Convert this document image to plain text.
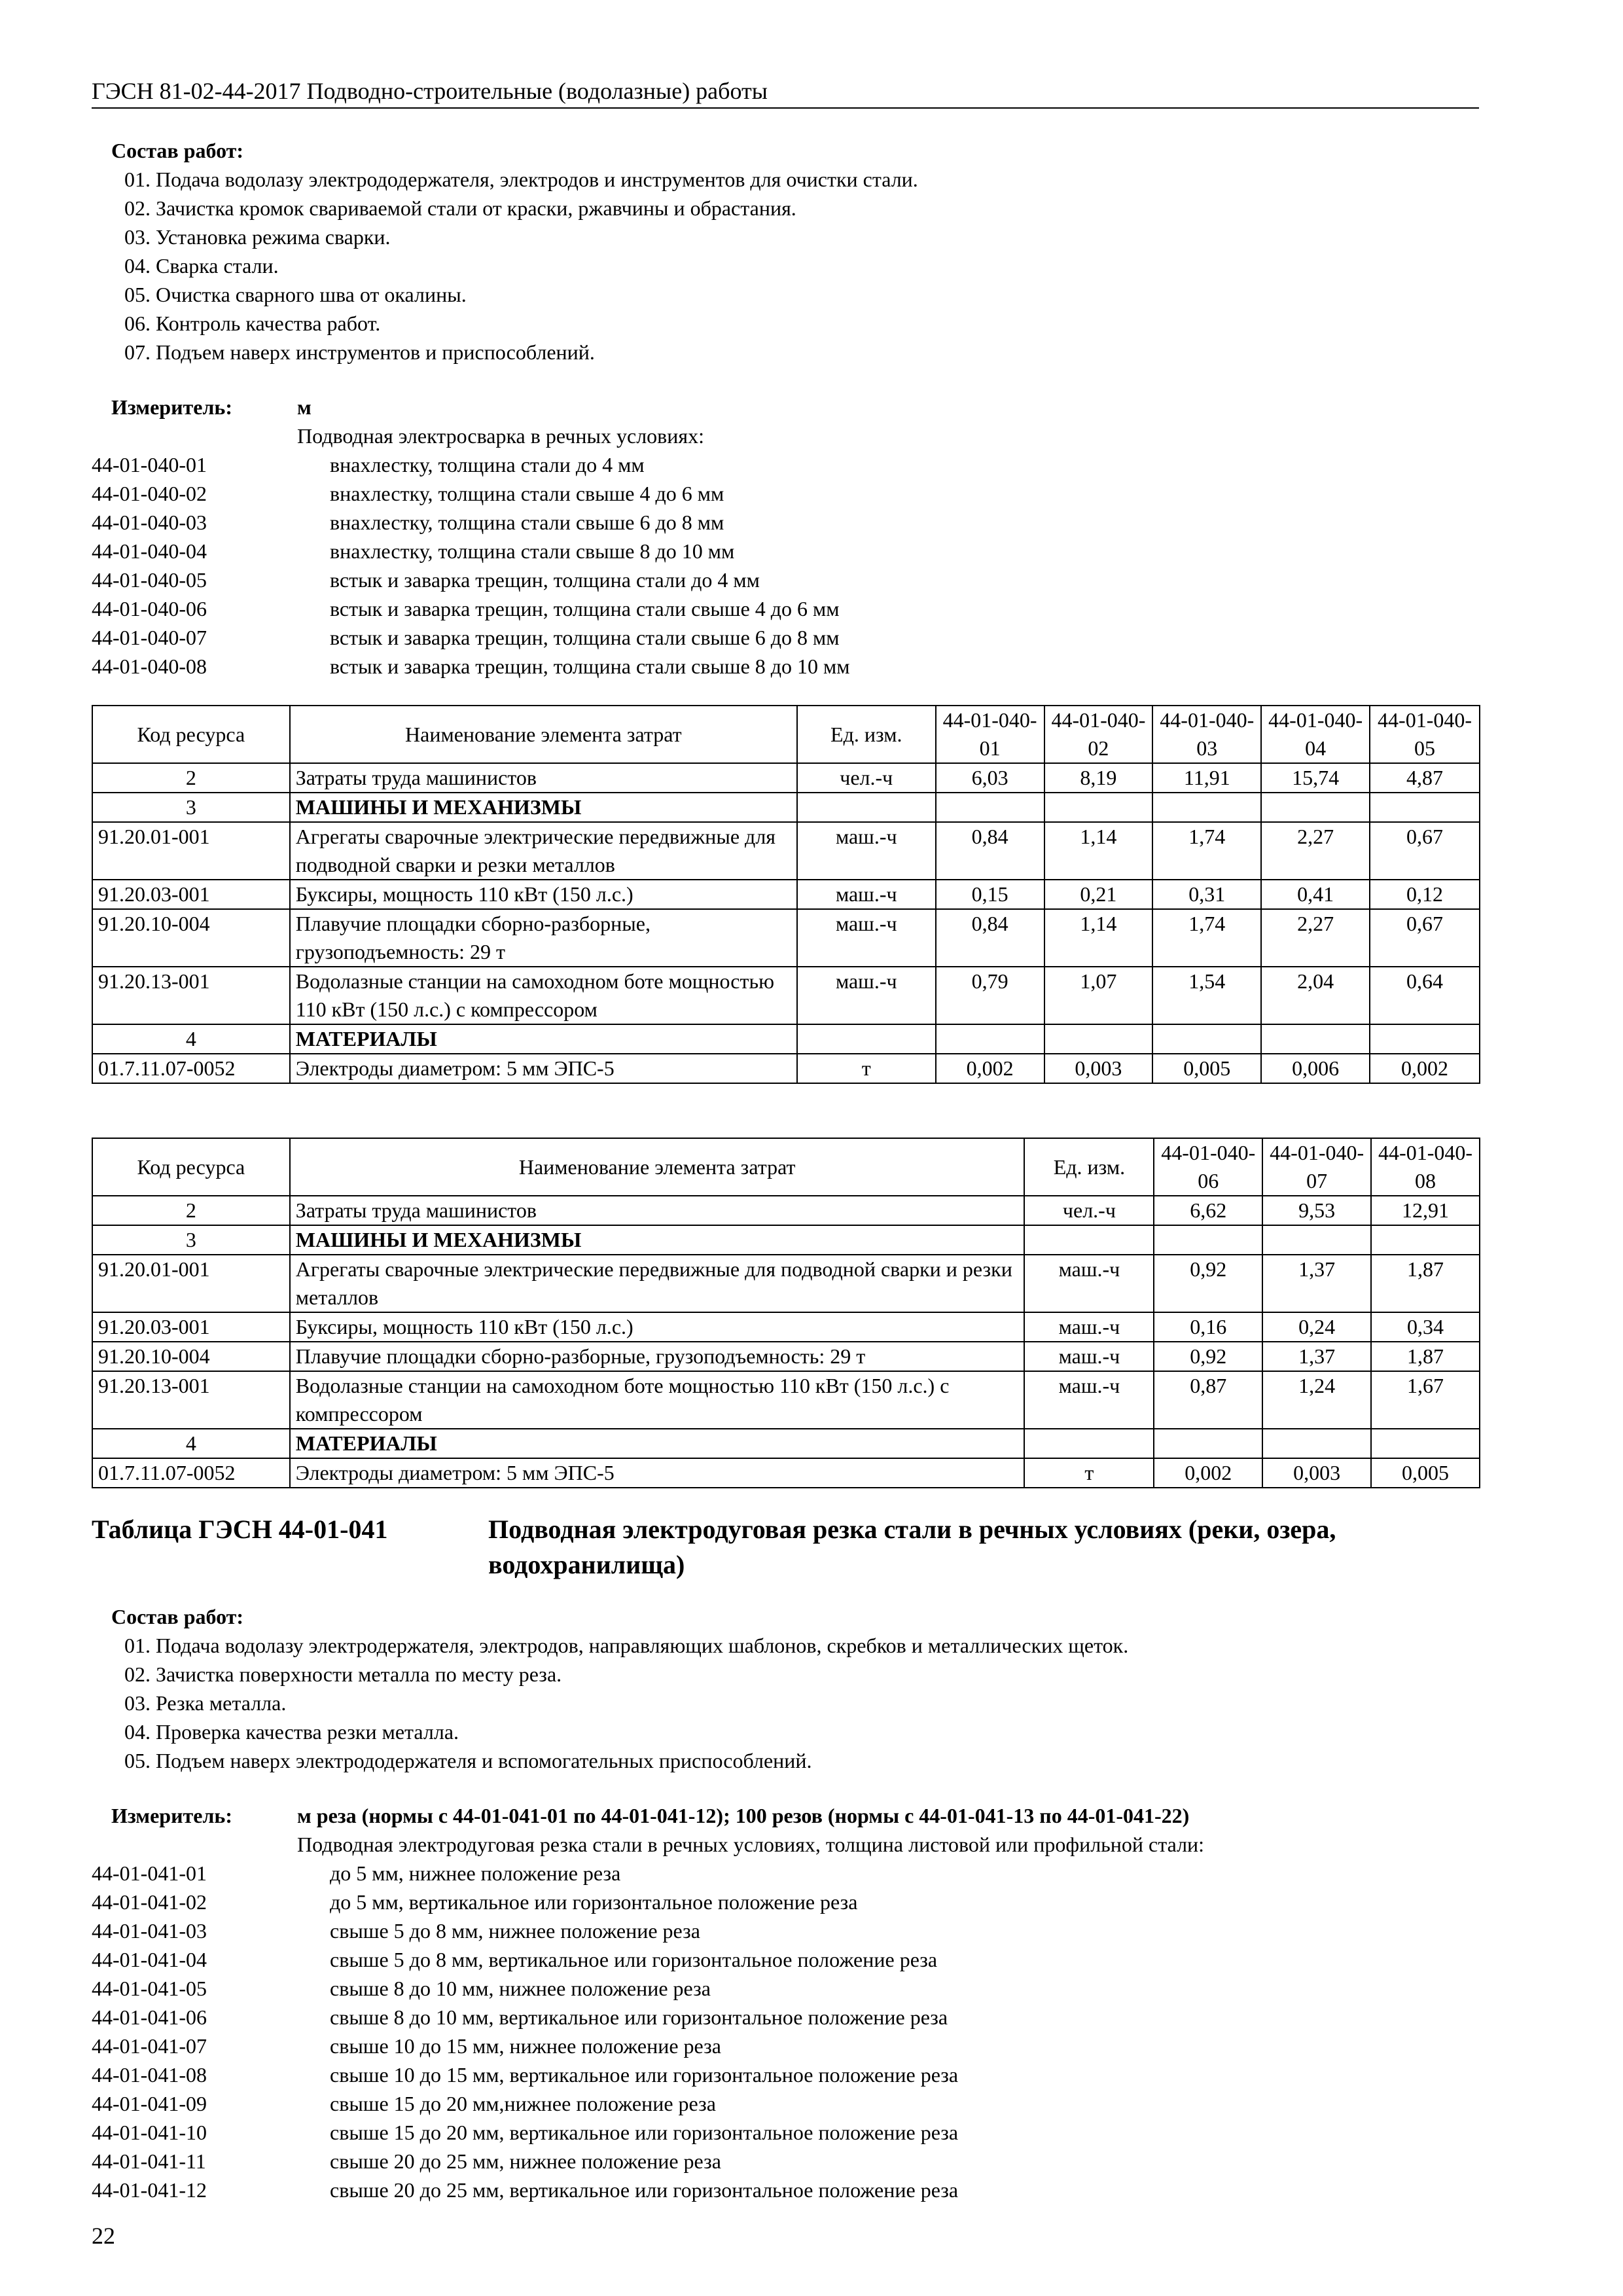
ГЭСН 81-02-44-2017 Подводно-строительные (водолазные) работы
Состав работ:
01. Подача водолазу электрододержателя, электродов и инструментов для очистки стали.
02. Зачистка кромок свариваемой стали от краски, ржавчины и обрастания.
03. Установка режима сварки.
04. Сварка стали.
05. Очистка сварного шва от окалины.
06. Контроль качества работ.
07. Подъем наверх инструментов и приспособлений.
Измеритель:	м
Подводная электросварка в речных условиях:
44-01-040-01	внахлестку, толщина стали до 4 мм
44-01-040-02	внахлестку, толщина стали свыше 4 до 6 мм
44-01-040-03	внахлестку, толщина стали свыше 6 до 8 мм
44-01-040-04	внахлестку, толщина стали свыше 8 до 10 мм
44-01-040-05	встык и заварка трещин, толщина стали до 4 мм
44-01-040-06	встык и заварка трещин, толщина стали свыше 4 до 6 мм
44-01-040-07	встык и заварка трещин, толщина стали свыше 6 до 8 мм
44-01-040-08	встык и заварка трещин, толщина стали свыше 8 до 10 мм
Код ресурса	Наименование элемента затрат	Ед. изм.	44-01-040-01	44-01-040-02	44-01-040-03	44-01-040-04	44-01-040-05
2	Затраты труда машинистов	чел.-ч	6,03	8,19	11,91	15,74	4,87
3	МАШИНЫ И МЕХАНИЗМЫ						
91.20.01-001	Агрегаты сварочные электрические передвижные для подводной сварки и резки металлов	маш.-ч	0,84	1,14	1,74	2,27	0,67
91.20.03-001	Буксиры, мощность 110 кВт (150 л.с.)	маш.-ч	0,15	0,21	0,31	0,41	0,12
91.20.10-004	Плавучие площадки сборно-разборные, грузоподъемность: 29 т	маш.-ч	0,84	1,14	1,74	2,27	0,67
91.20.13-001	Водолазные станции на самоходном боте мощностью 110 кВт (150 л.с.) с компрессором	маш.-ч	0,79	1,07	1,54	2,04	0,64
4	МАТЕРИАЛЫ						
01.7.11.07-0052	Электроды диаметром: 5 мм ЭПС-5	т	0,002	0,003	0,005	0,006	0,002
Код ресурса	Наименование элемента затрат	Ед. изм.	44-01-040-06	44-01-040-07	44-01-040-08
2	Затраты труда машинистов	чел.-ч	6,62	9,53	12,91
3	МАШИНЫ И МЕХАНИЗМЫ				
91.20.01-001	Агрегаты сварочные электрические передвижные для подводной сварки и резки металлов	маш.-ч	0,92	1,37	1,87
91.20.03-001	Буксиры, мощность 110 кВт (150 л.с.)	маш.-ч	0,16	0,24	0,34
91.20.10-004	Плавучие площадки сборно-разборные, грузоподъемность: 29 т	маш.-ч	0,92	1,37	1,87
91.20.13-001	Водолазные станции на самоходном боте мощностью 110 кВт (150 л.с.) с компрессором	маш.-ч	0,87	1,24	1,67
4	МАТЕРИАЛЫ				
01.7.11.07-0052	Электроды диаметром: 5 мм ЭПС-5	т	0,002	0,003	0,005
Таблица ГЭСН 44-01-041	Подводная электродуговая резка стали в речных условиях (реки, озера, водохранилища)
Состав работ:
01. Подача водолазу электродержателя, электродов, направляющих шаблонов, скребков и металлических щеток.
02. Зачистка поверхности металла по месту реза.
03. Резка металла.
04. Проверка качества резки металла.
05. Подъем наверх электрододержателя и вспомогательных приспособлений.
Измеритель:	м реза (нормы с 44-01-041-01 по 44-01-041-12); 100 резов (нормы с 44-01-041-13 по 44-01-041-22)
Подводная электродуговая резка стали в речных условиях, толщина листовой или профильной стали:
44-01-041-01	до 5 мм, нижнее положение реза
44-01-041-02	до 5 мм, вертикальное или горизонтальное положение реза
44-01-041-03	свыше 5 до 8 мм, нижнее положение реза
44-01-041-04	свыше 5 до 8 мм, вертикальное или горизонтальное положение реза
44-01-041-05	свыше 8 до 10 мм, нижнее положение реза
44-01-041-06	свыше 8 до 10 мм, вертикальное или горизонтальное положение реза
44-01-041-07	свыше 10 до 15 мм, нижнее положение реза
44-01-041-08	свыше 10 до 15 мм, вертикальное или горизонтальное положение реза
44-01-041-09	свыше 15 до 20 мм,нижнее положение реза
44-01-041-10	свыше 15 до 20 мм, вертикальное или горизонтальное положение реза
44-01-041-11	свыше 20 до 25 мм, нижнее положение реза
44-01-041-12	свыше 20 до 25 мм, вертикальное или горизонтальное положение реза
22
